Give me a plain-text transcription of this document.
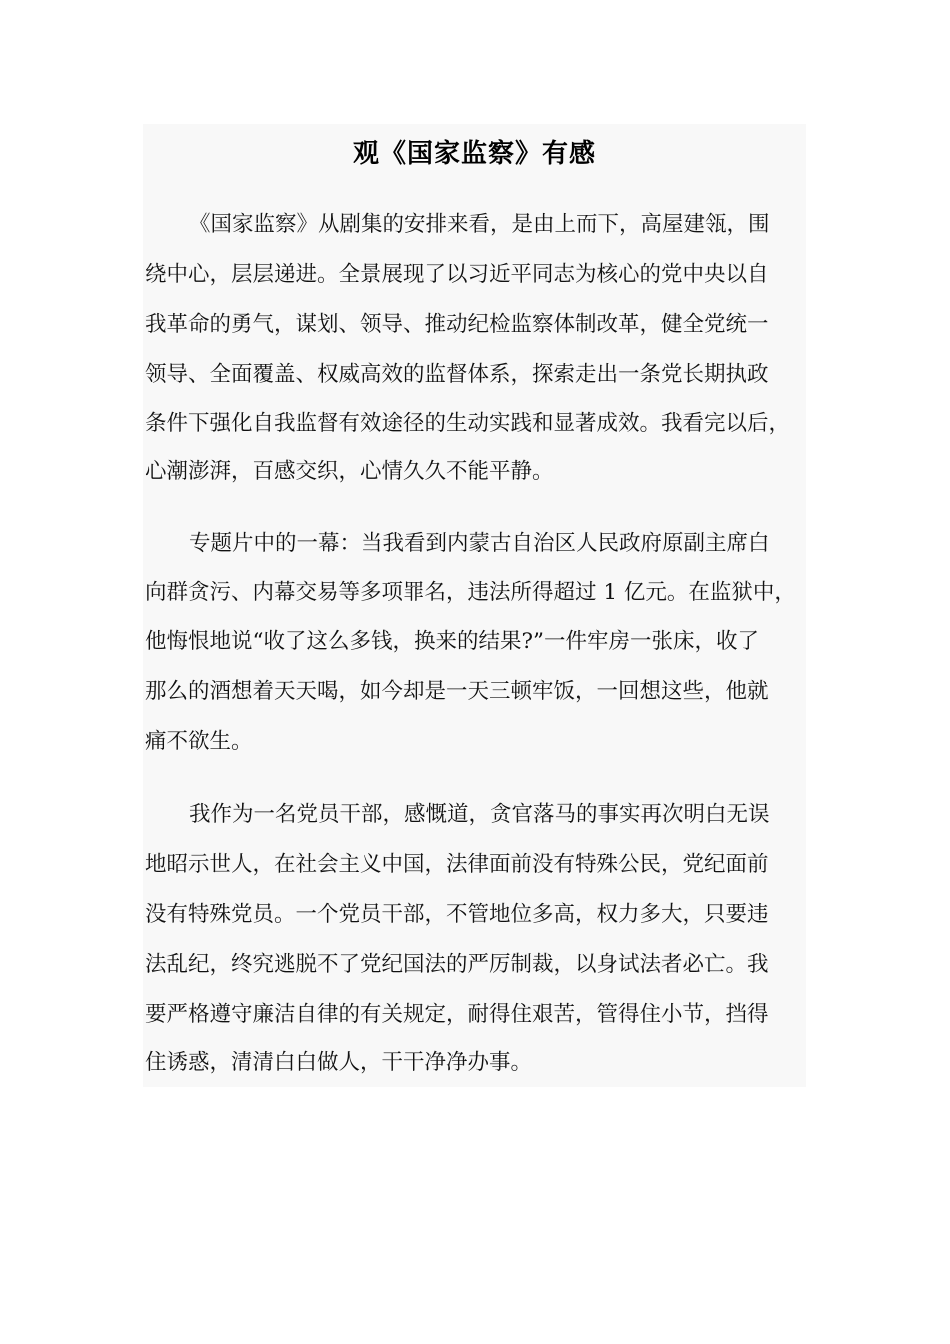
观《国家监察》有感

《国家监察》从剧集的安排来看，是由上而下，高屋建瓴，围

绕中心，层层递进。全景展现了以习近平同志为核心的党中央以自

我革命的勇气，谋划、领导、推动纪检监察体制改革，健全党统一

领导、全面覆盖、权威高效的监督体系，探索走出一条党长期执政

条件下强化自我监督有效途径的生动实践和显著成效。我看完以后，

心潮澎湃，百感交织，心情久久不能平静。

专题片中的一幕：当我看到内蒙古自治区人民政府原副主席白

向群贪污、内幕交易等多项罪名，违法所得超过 1 亿元。在监狱中，

他悔恨地说“收了这么多钱，换来的结果?”一件牢房一张床，收了

那么的酒想着天天喝，如今却是一天三顿牢饭，一回想这些，他就

痛不欲生。

我作为一名党员干部，感慨道，贪官落马的事实再次明白无误

地昭示世人，在社会主义中国，法律面前没有特殊公民，党纪面前

没有特殊党员。一个党员干部，不管地位多高，权力多大，只要违

法乱纪，终究逃脱不了党纪国法的严厉制裁，以身试法者必亡。我

要严格遵守廉洁自律的有关规定，耐得住艰苦，管得住小节，挡得

住诱惑，清清白白做人，干干净净办事。
